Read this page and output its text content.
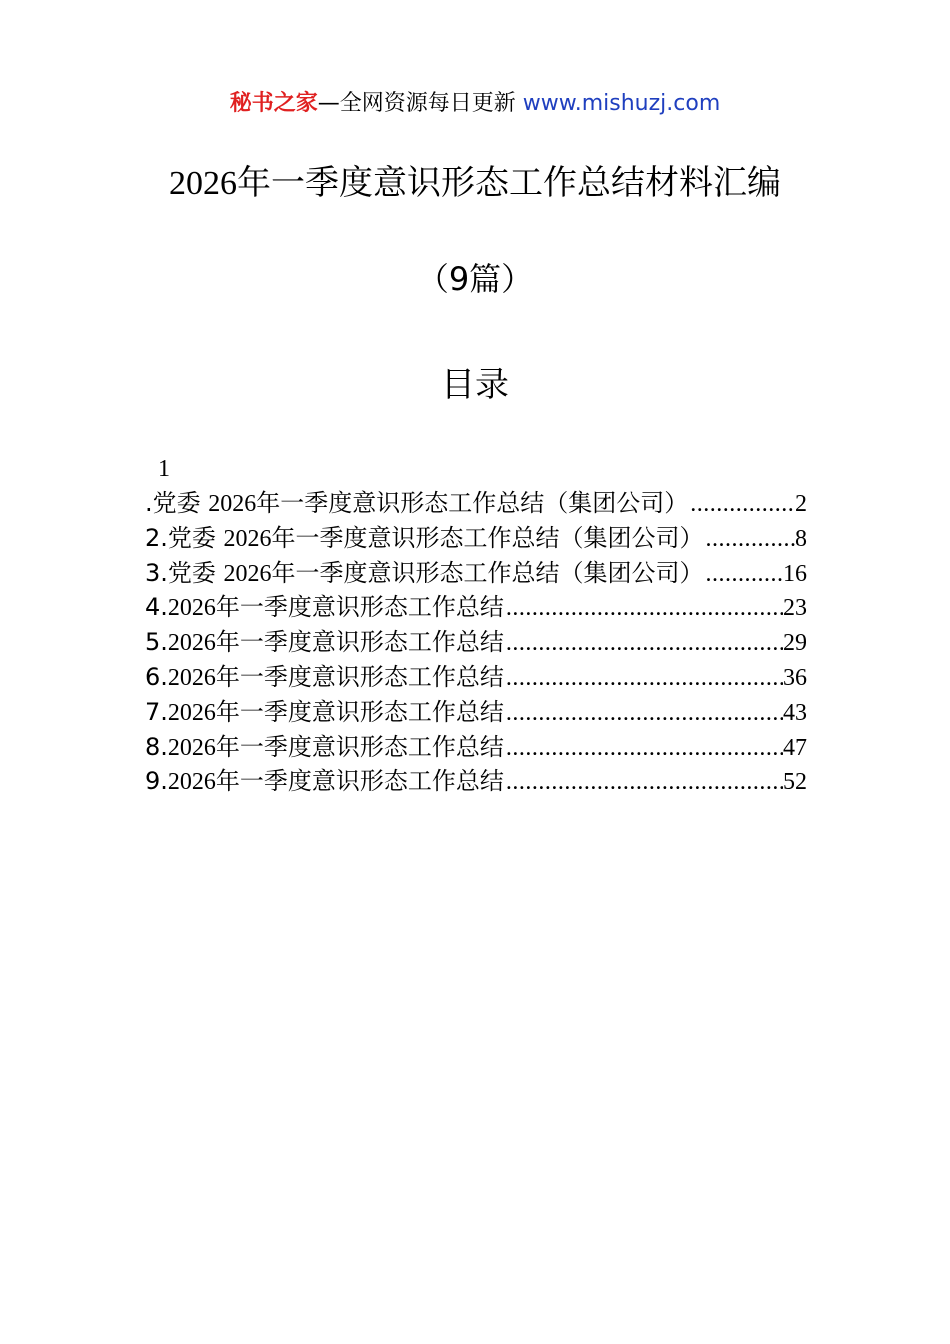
秘书之家—全网资源每日更新 www.mishuzj.com
2026年一季度意识形态工作总结材料汇编
（9篇）
目录
1
.党委 2026年一季度意识形态工作总结（集团公司） .....	2
2.党委 2026年一季度意识形态工作总结（集团公司） .....	8
3.党委 2026年一季度意识形态工作总结（集团公司） .....	16
4.2026年一季度意识形态工作总结 .....	23
5.2026年一季度意识形态工作总结 .....	29
6.2026年一季度意识形态工作总结 .....	36
7.2026年一季度意识形态工作总结 .....	43
8.2026年一季度意识形态工作总结 .....	47
9.2026年一季度意识形态工作总结 .....	52
